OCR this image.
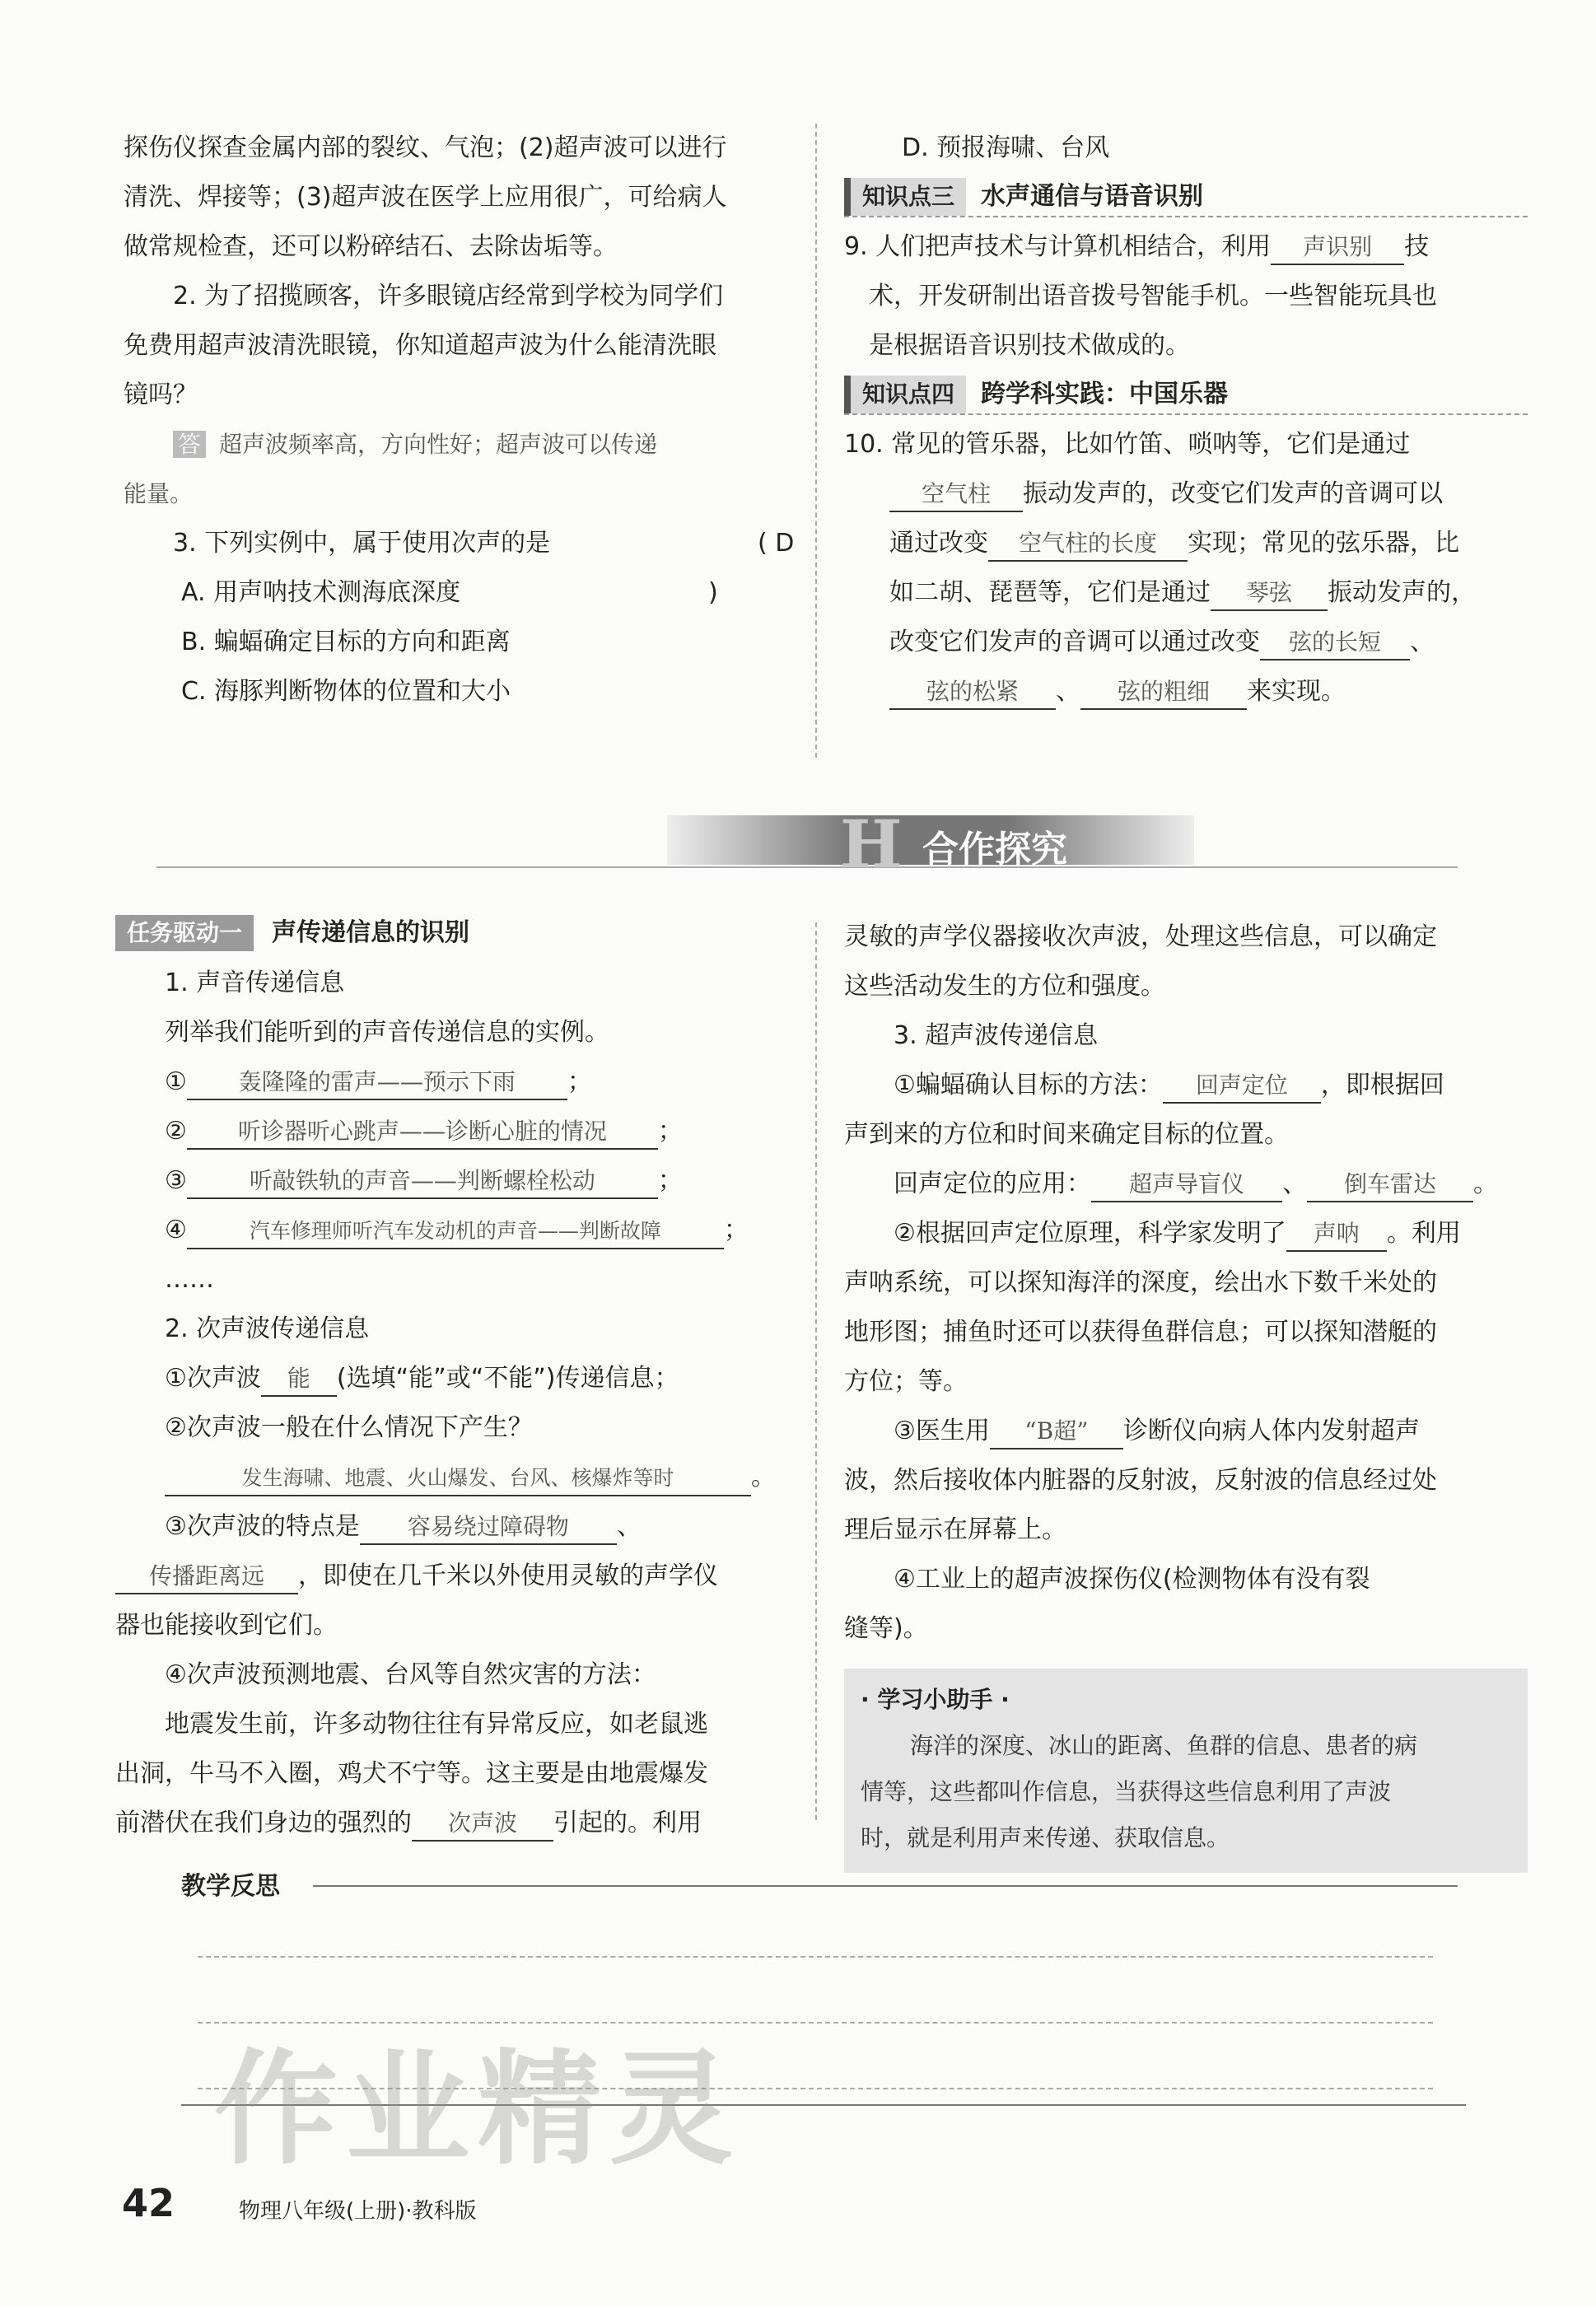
探伤仪探查金属内部的裂纹、气泡；(2)超声波可以进行

清洗、焊接等；(3)超声波在医学上应用很广，可给病人

做常规检查，还可以粉碎结石、去除齿垢等。

2. 为了招揽顾客，许多眼镜店经常到学校为同学们

免费用超声波清洗眼镜，你知道超声波为什么能清洗眼

镜吗？

答 超声波频率高，方向性好；超声波可以传递

能量。

3. 下列实例中，属于使用次声的是	( D )

A. 用声呐技术测海底深度

B. 蝙蝠确定目标的方向和距离

C. 海豚判断物体的位置和大小

D. 预报海啸、台风

知识点三	水声通信与语音识别

9. 人们把声技术与计算机相结合，利用 声识别 技

术，开发研制出语音拨号智能手机。一些智能玩具也

是根据语音识别技术做成的。

知识点四	跨学科实践：中国乐器

10. 常见的管乐器，比如竹笛、唢呐等，它们是通过

空气柱 振动发声的，改变它们发声的音调可以

通过改变 空气柱的长度 实现；常见的弦乐器，比

如二胡、琵琶等，它们是通过 琴弦 振动发声的，

改变它们发声的音调可以通过改变 弦的长短 、

弦的松紧 、 弦的粗细 来实现。

H 合作探究
任务驱动一	声传递信息的识别

1. 声音传递信息

列举我们能听到的声音传递信息的实例。

① 轰隆隆的雷声——预示下雨 ；

② 听诊器听心跳声——诊断心脏的情况 ；

③	听敲铁轨的声音——判断螺栓松动	；

④	汽车修理师听汽车发动机的声音——判断故障	；

……

2. 次声波传递信息

①次声波 能 (选填“能”或“不能”)传递信息；

②次声波一般在什么情况下产生？

发生海啸、地震、火山爆发、台风、核爆炸等时	。

③次声波的特点是 容易绕过障碍物 、

传播距离远 ，即使在几千米以外使用灵敏的声学仪

器也能接收到它们。

④次声波预测地震、台风等自然灾害的方法：

地震发生前，许多动物往往有异常反应，如老鼠逃

出洞，牛马不入圈，鸡犬不宁等。这主要是由地震爆发

前潜伏在我们身边的强烈的 次声波 引起的。利用

灵敏的声学仪器接收次声波，处理这些信息，可以确定

这些活动发生的方位和强度。

3. 超声波传递信息

①蝙蝠确认目标的方法： 回声定位 ，即根据回

声到来的方位和时间来确定目标的位置。

回声定位的应用： 超声导盲仪 、 倒车雷达 。

②根据回声定位原理，科学家发明了 声呐 。利用

声呐系统，可以探知海洋的深度，绘出水下数千米处的

地形图；捕鱼时还可以获得鱼群信息；可以探知潜艇的

方位；等。

③医生用 “B超” 诊断仪向病人体内发射超声

波，然后接收体内脏器的反射波，反射波的信息经过处

理后显示在屏幕上。

④工业上的超声波探伤仪(检测物体有没有裂

缝等)。

· 学习小助手 ·
海洋的深度、冰山的距离、鱼群的信息、患者的病
情等，这些都叫作信息，当获得这些信息利用了声波
时，就是利用声来传递、获取信息。
教学反思
作业精灵
42	物理八年级(上册)·教科版
